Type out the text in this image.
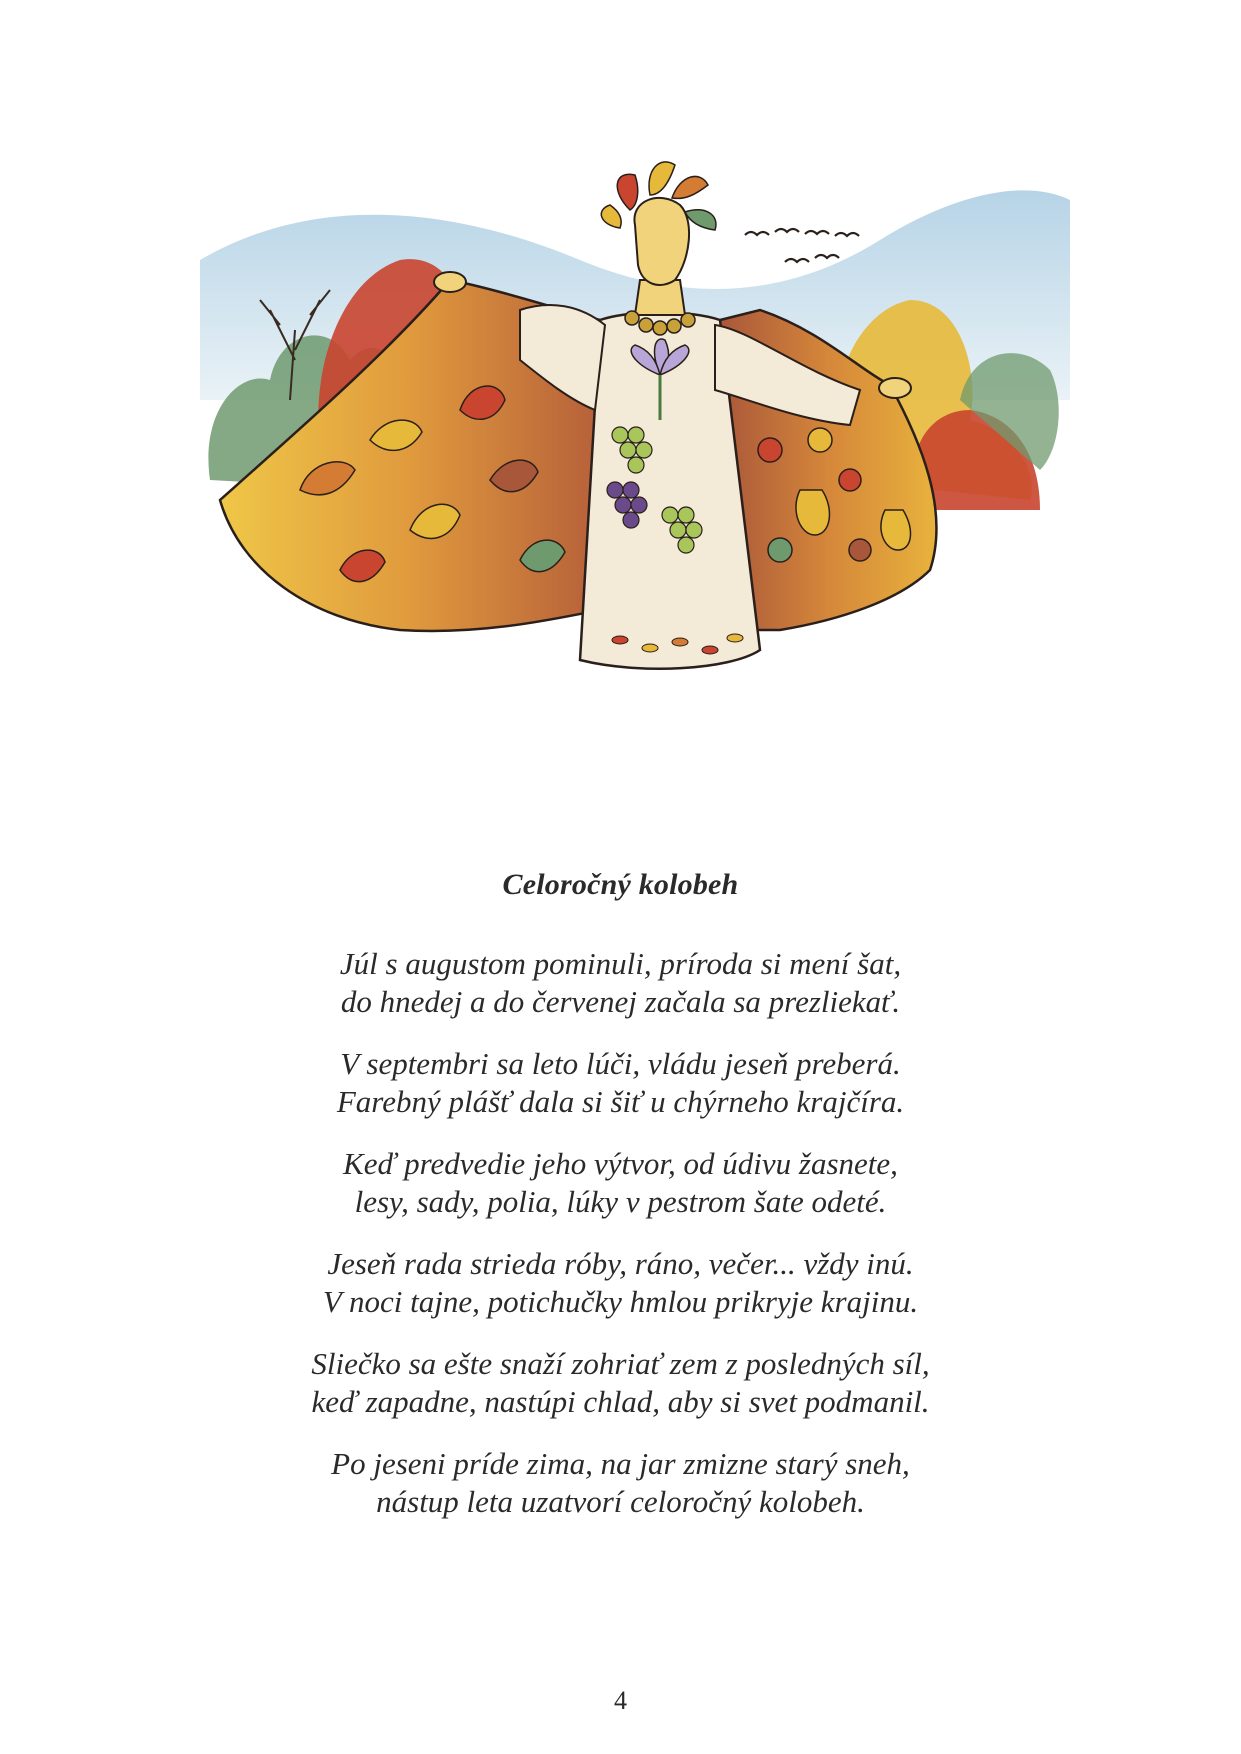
Celoročný kolobeh
Júl s augustom pominuli, príroda si mení šat,
do hnedej a do červenej začala sa prezliekať.
V septembri sa leto lúči, vládu jeseň preberá.
Farebný plášť dala si šiť u chýrneho krajčíra.
Keď predvedie jeho výtvor, od údivu žasnete,
lesy, sady, polia, lúky v pestrom šate odeté.
Jeseň rada strieda róby, ráno, večer... vždy inú.
V noci tajne, potichučky hmlou prikryje krajinu.
Sliečko sa ešte snaží zohriať zem z posledných síl,
keď zapadne, nastúpi chlad, aby si svet podmanil.
Po jeseni príde zima, na jar zmizne starý sneh,
nástup leta uzatvorí celoročný kolobeh.
4
